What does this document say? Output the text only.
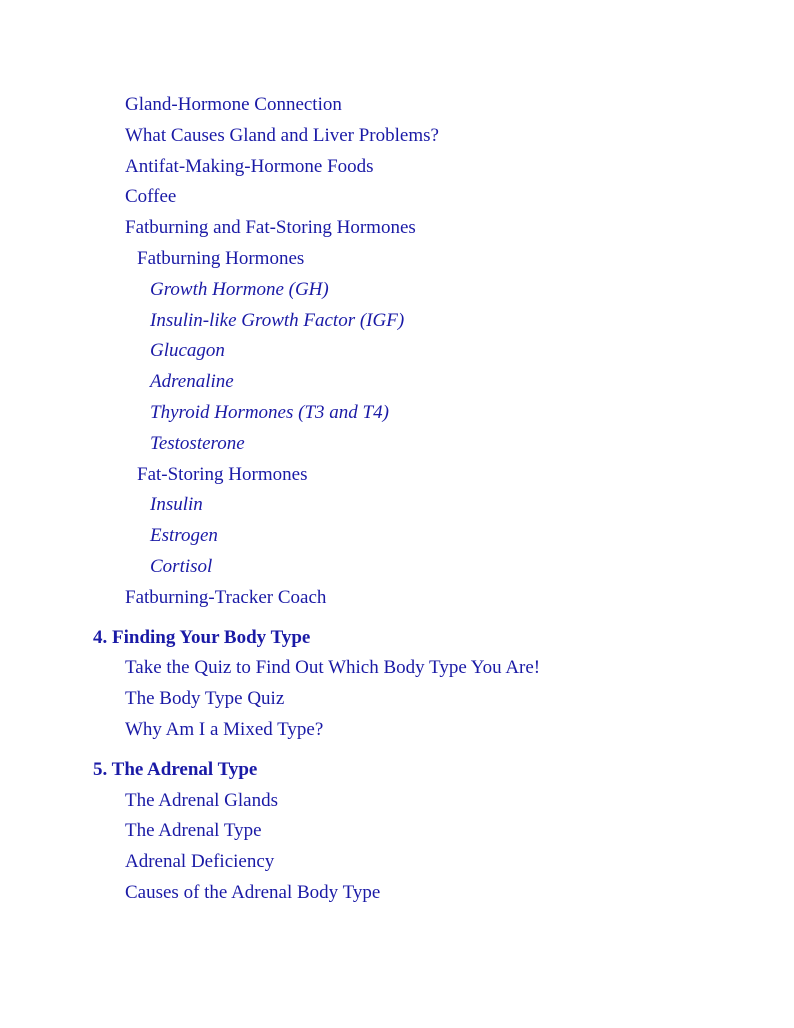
Gland-Hormone Connection
What Causes Gland and Liver Problems?
Antifat-Making-Hormone Foods
Coffee
Fatburning and Fat-Storing Hormones
Fatburning Hormones
Growth Hormone (GH)
Insulin-like Growth Factor (IGF)
Glucagon
Adrenaline
Thyroid Hormones (T3 and T4)
Testosterone
Fat-Storing Hormones
Insulin
Estrogen
Cortisol
Fatburning-Tracker Coach
4. Finding Your Body Type
Take the Quiz to Find Out Which Body Type You Are!
The Body Type Quiz
Why Am I a Mixed Type?
5. The Adrenal Type
The Adrenal Glands
The Adrenal Type
Adrenal Deficiency
Causes of the Adrenal Body Type
